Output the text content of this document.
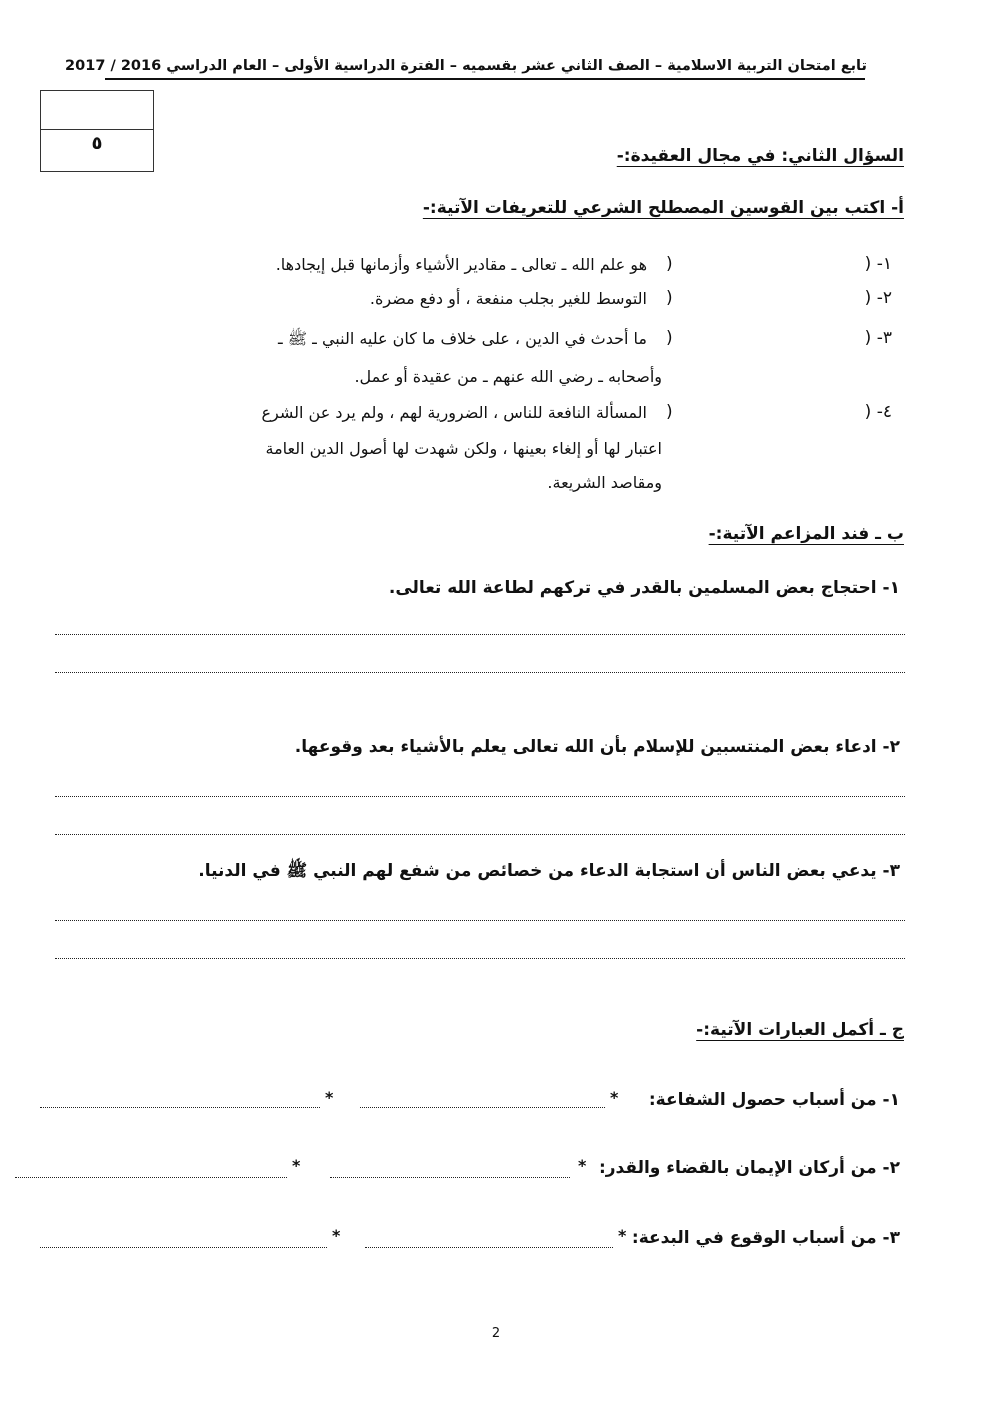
تابع امتحان التربية الاسلامية – الصف الثاني عشر بقسميه – الفترة الدراسية الأولى – العام الدراسي 2016 / 2017
٥
السؤال الثاني: في مجال العقيدة:-
أ- اكتب بين القوسين المصطلح الشرعي للتعريفات الآتية:-
١- (
)
هو علم الله ـ تعالى ـ مقادير الأشياء وأزمانها قبل إيجادها.
٢- (
)
التوسط للغير بجلب منفعة ، أو دفع مضرة.
٣- (
)
ما أحدث في الدين ، على خلاف ما كان عليه النبي ـ ﷺ ـ
وأصحابه ـ رضي الله عنهم ـ من عقيدة أو عمل.
٤- (
)
المسألة النافعة للناس ، الضرورية لهم ، ولم يرد عن الشرع
اعتبار لها أو إلغاء بعينها ، ولكن شهدت لها أصول الدين العامة
ومقاصد الشريعة.
ب ـ فند المزاعم الآتية:-
١- احتجاج بعض المسلمين بالقدر في تركهم لطاعة الله تعالى.
٢- ادعاء بعض المنتسبين للإسلام بأن الله تعالى يعلم بالأشياء بعد وقوعها.
٣- يدعي بعض الناس أن استجابة الدعاء من خصائص من شفع لهم النبي ﷺ في الدنيا.
ج ـ أكمل العبارات الآتية:-
١- من أسباب حصول الشفاعة:
*
*
٢- من أركان الإيمان بالقضاء والقدر:
*
*
٣- من أسباب الوقوع في البدعة:
*
*
2
